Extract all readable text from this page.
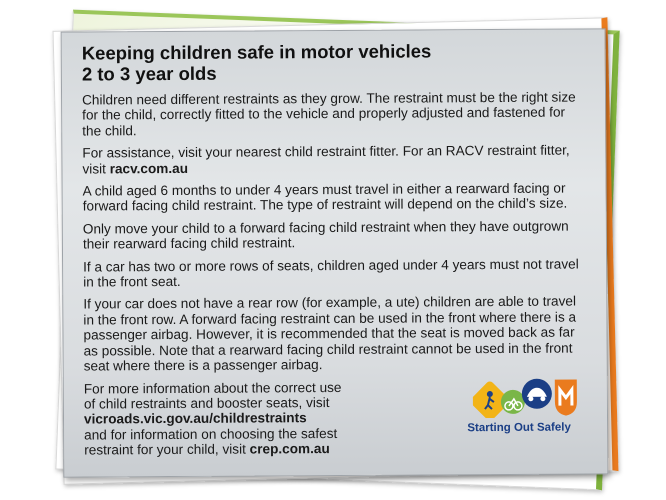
Keeping children safe in motor vehicles
2 to 3 year olds

Children need different restraints as they grow. The restraint must be the right size for the child, correctly fitted to the vehicle and properly adjusted and fastened for the child.

For assistance, visit your nearest child restraint fitter. For an RACV restraint fitter, visit racv.com.au

A child aged 6 months to under 4 years must travel in either a rearward facing or forward facing child restraint. The type of restraint will depend on the child’s size.

Only move your child to a forward facing child restraint when they have outgrown their rearward facing child restraint.

If a car has two or more rows of seats, children aged under 4 years must not travel in the front seat.

If your car does not have a rear row (for example, a ute) children are able to travel in the front row. A forward facing restraint can be used in the front where there is a passenger airbag. However, it is recommended that the seat is moved back as far as possible. Note that a rearward facing child restraint cannot be used in the front seat where there is a passenger airbag.

For more information about the correct use
of child restraints and booster seats, visit
vicroads.vic.gov.au/childrestraints
and for information on choosing the safest
restraint for your child, visit crep.com.au
Starting Out Safely
